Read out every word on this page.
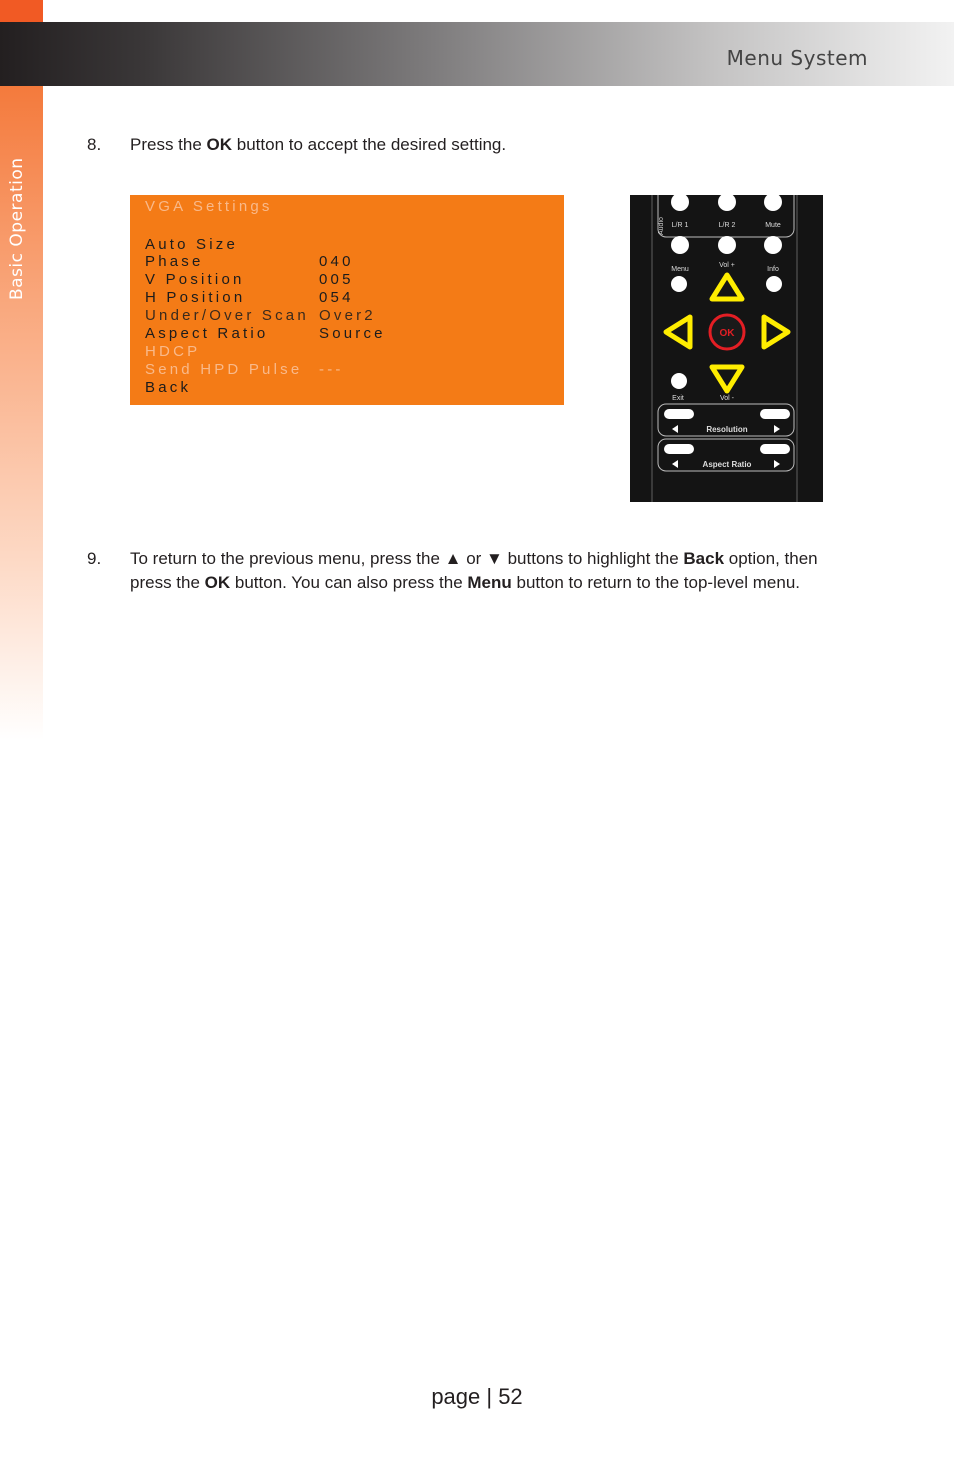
Basic Operation
Menu System
8. Press the OK button to accept the desired setting.
VGA Settings
Auto Size
Phase	040
V Position	005
H Position	054
Under/Over Scan Over2
Aspect Ratio	Source
HDCP
Send HPD Pulse ---
Back
Audio L/R 1	L/R 2	Mute
Menu
Vol +
Info
OK
Exit	Vol -
Resolution
Aspect Ratio
9. To return to the previous menu, press the ▲ or ▼ buttons to highlight the Back option, then press the OK button. You can also press the Menu button to return to the top-level menu.
page | 52
